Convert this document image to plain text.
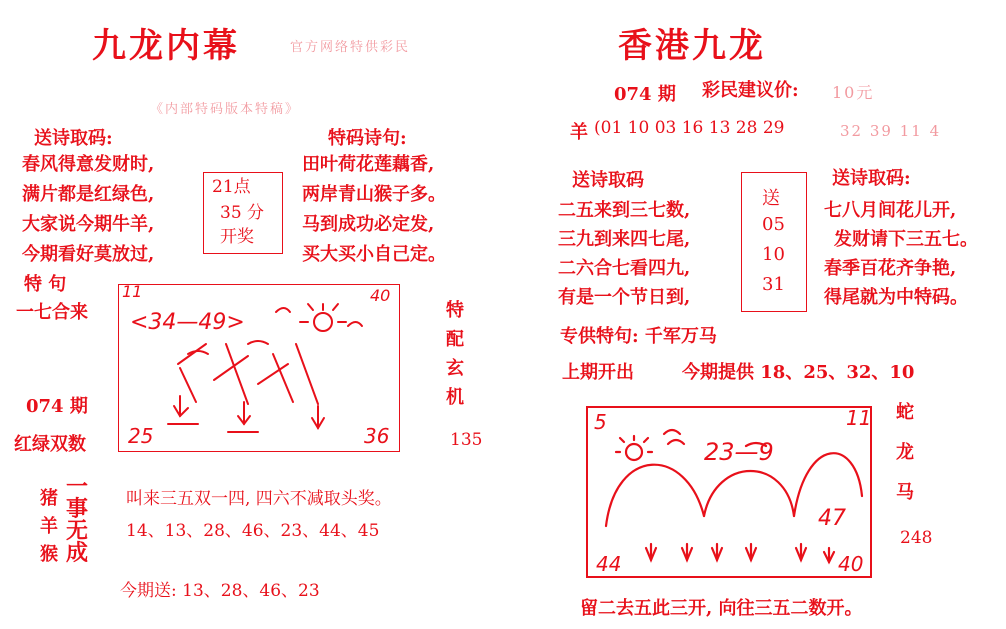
九龙内幕	官方网络特供彩民
《内部特码版本特稿》
送诗取码:
春风得意发财时,
满片都是红绿色,
大家说今期牛羊,
今期看好莫放过,
21点
35 分
开奖
特码诗句:
田叶荷花莲藕香,
两岸青山猴子多。
马到成功必定发,
买大买小自己定。
特 句
一七合来
074 期
红绿双数
11	40
25	36
<34—49>	特
配
玄
机
135
猪
羊
猴
一
事
无
成
叫来三五双一四, 四六不减取头奖。
14、13、28、46、23、44、45
今期送: 13、28、46、23
香港九龙
074 期 彩民建议价: 10元
羊 (01 10 03 16 13 28 29	32 39 11 4
送诗取码
二五来到三七数,
三九到来四七尾,
二六合七看四九,
有是一个节日到,
送
05
10
31
送诗取码:
七八月间花儿开,
发财请下三五七。
春季百花齐争艳,
得尾就为中特码。
专供特句: 千军万马
上期开出	今期提供 18、25、32、10
5	11
44	40
23—9
47
蛇
龙
马
248
留二去五此三开, 向往三五二数开。
